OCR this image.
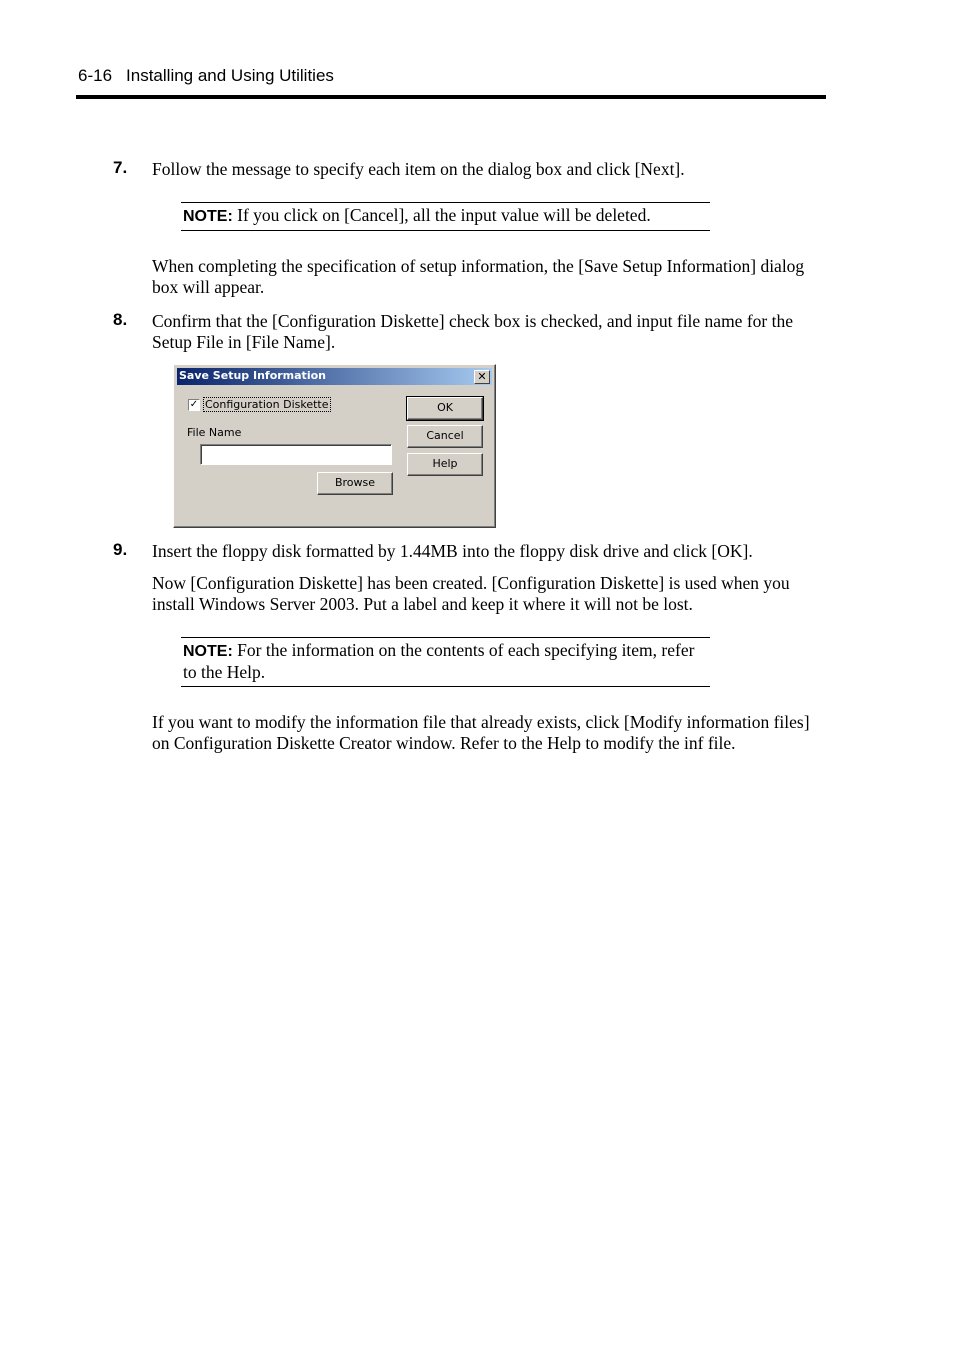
6-16 Installing and Using Utilities
7. Follow the message to specify each item on the dialog box and click [Next].
NOTE: If you click on [Cancel], all the input value will be deleted.
When completing the specification of setup information, the [Save Setup Information] dialog box will appear.
8. Confirm that the [Configuration Diskette] check box is checked, and input file name for the Setup File in [File Name].
Save Setup Information	✕
✓ Configuration Diskette
File Name
Browse
OK
Cancel
Help
9. Insert the floppy disk formatted by 1.44MB into the floppy disk drive and click [OK].
Now [Configuration Diskette] has been created. [Configuration Diskette] is used when you install Windows Server 2003. Put a label and keep it where it will not be lost.
NOTE: For the information on the contents of each specifying item, refer to the Help.
If you want to modify the information file that already exists, click [Modify information files] on Configuration Diskette Creator window. Refer to the Help to modify the inf file.
